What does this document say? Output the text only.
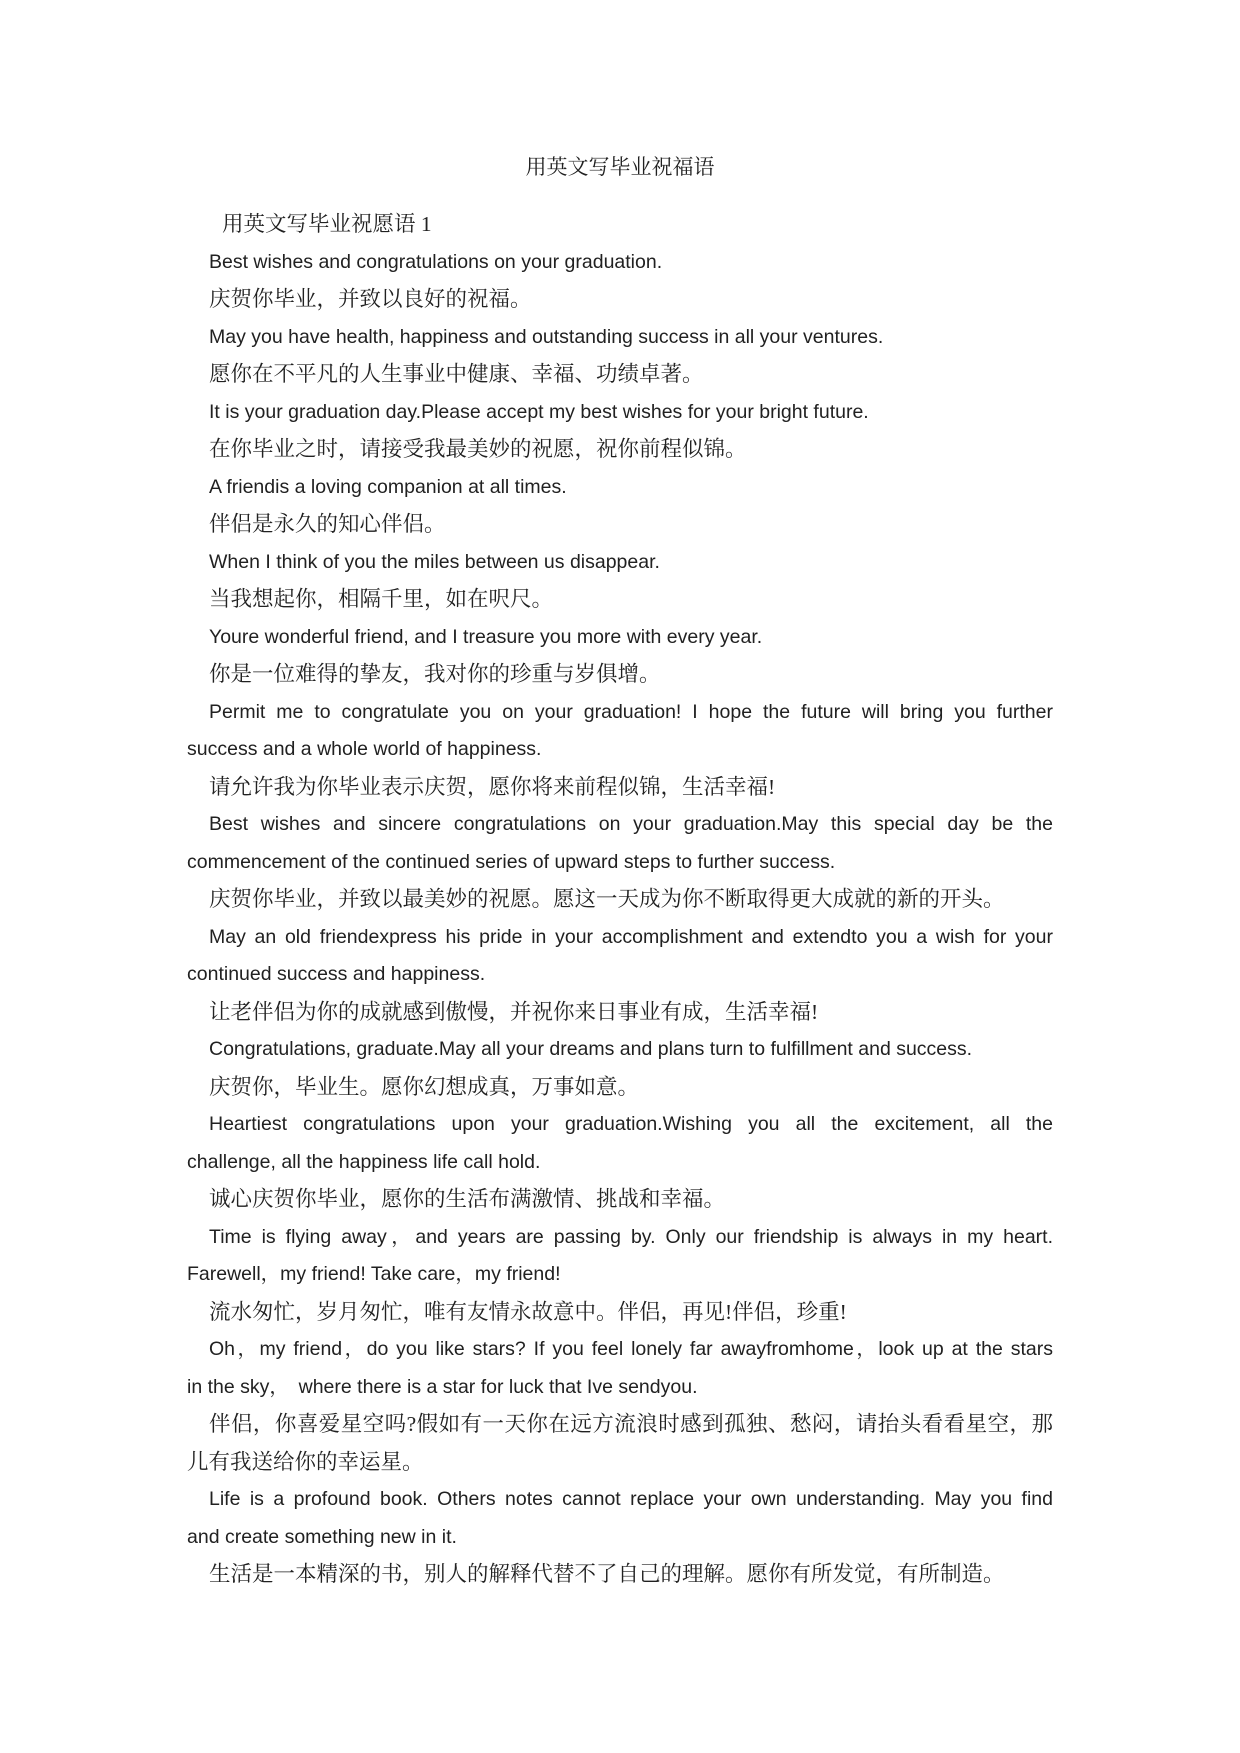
用英文写毕业祝福语
用英文写毕业祝愿语 1
Best wishes and congratulations on your graduation.
庆贺你毕业，并致以良好的祝福。
May you have health, happiness and outstanding success in all your ventures.
愿你在不平凡的人生事业中健康、幸福、功绩卓著。
It is your graduation day.Please accept my best wishes for your bright future.
在你毕业之时，请接受我最美妙的祝愿，祝你前程似锦。
A friendis a loving companion at all times.
伴侣是永久的知心伴侣。
When I think of you the miles between us disappear.
当我想起你，相隔千里，如在呎尺。
Youre wonderful friend, and I treasure you more with every year.
你是一位难得的挚友，我对你的珍重与岁俱增。
Permit me to congratulate you on your graduation! I hope the future will bring you further
success and a whole world of happiness.
请允许我为你毕业表示庆贺，愿你将来前程似锦，生活幸福!
Best wishes and sincere congratulations on your graduation.May this special day be the
commencement of the continued series of upward steps to further success.
庆贺你毕业，并致以最美妙的祝愿。愿这一天成为你不断取得更大成就的新的开头。
May an old friendexpress his pride in your accomplishment and extendto you a wish for your
continued success and happiness.
让老伴侣为你的成就感到傲慢，并祝你来日事业有成，生活幸福!
Congratulations, graduate.May all your dreams and plans turn to fulfillment and success.
庆贺你，毕业生。愿你幻想成真，万事如意。
Heartiest congratulations upon your graduation.Wishing you all the excitement, all the
challenge, all the happiness life call hold.
诚心庆贺你毕业，愿你的生活布满激情、挑战和幸福。
Time is flying away，and years are passing by. Only our friendship is always in my heart.
Farewell，my friend! Take care，my friend!
流水匆忙，岁月匆忙，唯有友情永故意中。伴侣，再见!伴侣，珍重!
Oh，my friend，do you like stars? If you feel lonely far awayfromhome，look up at the stars
in the sky，　where there is a star for luck that Ive sendyou.
伴侣，你喜爱星空吗?假如有一天你在远方流浪时感到孤独、愁闷，请抬头看看星空，那
儿有我送给你的幸运星。
Life is a profound book. Others notes cannot replace your own understanding. May you find
and create something new in it.
生活是一本精深的书，别人的解释代替不了自己的理解。愿你有所发觉，有所制造。
